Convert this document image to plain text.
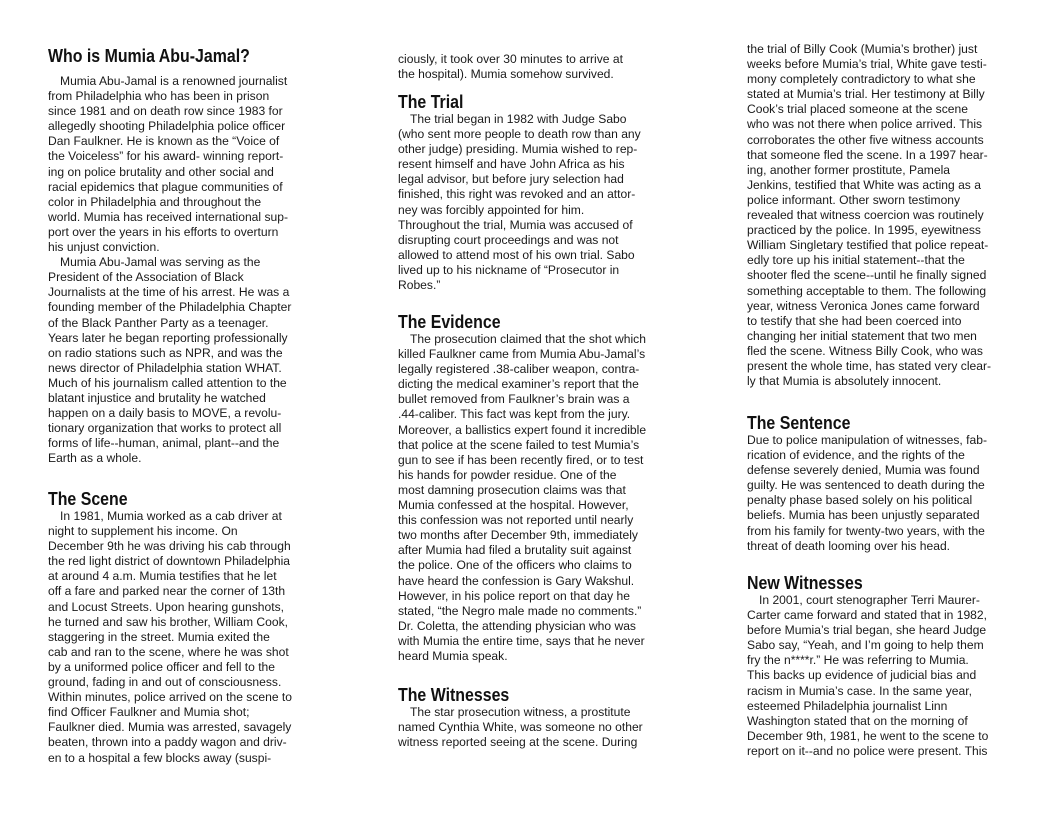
Who is Mumia Abu-Jamal?
Mumia Abu-Jamal is a renowned journalist
from Philadelphia who has been in prison
since 1981 and on death row since 1983 for
allegedly shooting Philadelphia police officer
Dan Faulkner. He is known as the “Voice of
the Voiceless” for his award- winning report-
ing on police brutality and other social and
racial epidemics that plague communities of
color in Philadelphia and throughout the
world. Mumia has received international sup-
port over the years in his efforts to overturn
his unjust conviction.
Mumia Abu-Jamal was serving as the
President of the Association of Black
Journalists at the time of his arrest. He was a
founding member of the Philadelphia Chapter
of the Black Panther Party as a teenager.
Years later he began reporting professionally
on radio stations such as NPR, and was the
news director of Philadelphia station WHAT.
Much of his journalism called attention to the
blatant injustice and brutality he watched
happen on a daily basis to MOVE, a revolu-
tionary organization that works to protect all
forms of life--human, animal, plant--and the
Earth as a whole.
The Scene
In 1981, Mumia worked as a cab driver at
night to supplement his income. On
December 9th he was driving his cab through
the red light district of downtown Philadelphia
at around 4 a.m. Mumia testifies that he let
off a fare and parked near the corner of 13th
and Locust Streets. Upon hearing gunshots,
he turned and saw his brother, William Cook,
staggering in the street. Mumia exited the
cab and ran to the scene, where he was shot
by a uniformed police officer and fell to the
ground, fading in and out of consciousness.
Within minutes, police arrived on the scene to
find Officer Faulkner and Mumia shot;
Faulkner died. Mumia was arrested, savagely
beaten, thrown into a paddy wagon and driv-
en to a hospital a few blocks away (suspi-
ciously, it took over 30 minutes to arrive at
the hospital). Mumia somehow survived.
The Trial
The trial began in 1982 with Judge Sabo
(who sent more people to death row than any
other judge) presiding. Mumia wished to rep-
resent himself and have John Africa as his
legal advisor, but before jury selection had
finished, this right was revoked and an attor-
ney was forcibly appointed for him.
Throughout the trial, Mumia was accused of
disrupting court proceedings and was not
allowed to attend most of his own trial. Sabo
lived up to his nickname of “Prosecutor in
Robes.”
The Evidence
The prosecution claimed that the shot which
killed Faulkner came from Mumia Abu-Jamal’s
legally registered .38-caliber weapon, contra-
dicting the medical examiner’s report that the
bullet removed from Faulkner’s brain was a
.44-caliber. This fact was kept from the jury.
Moreover, a ballistics expert found it incredible
that police at the scene failed to test Mumia’s
gun to see if has been recently fired, or to test
his hands for powder residue. One of the
most damning prosecution claims was that
Mumia confessed at the hospital. However,
this confession was not reported until nearly
two months after December 9th, immediately
after Mumia had filed a brutality suit against
the police. One of the officers who claims to
have heard the confession is Gary Wakshul.
However, in his police report on that day he
stated, “the Negro male made no comments.”
Dr. Coletta, the attending physician who was
with Mumia the entire time, says that he never
heard Mumia speak.
The Witnesses
The star prosecution witness, a prostitute
named Cynthia White, was someone no other
witness reported seeing at the scene. During
the trial of Billy Cook (Mumia’s brother) just
weeks before Mumia’s trial, White gave testi-
mony completely contradictory to what she
stated at Mumia’s trial. Her testimony at Billy
Cook’s trial placed someone at the scene
who was not there when police arrived. This
corroborates the other five witness accounts
that someone fled the scene. In a 1997 hear-
ing, another former prostitute, Pamela
Jenkins, testified that White was acting as a
police informant. Other sworn testimony
revealed that witness coercion was routinely
practiced by the police. In 1995, eyewitness
William Singletary testified that police repeat-
edly tore up his initial statement--that the
shooter fled the scene--until he finally signed
something acceptable to them. The following
year, witness Veronica Jones came forward
to testify that she had been coerced into
changing her initial statement that two men
fled the scene. Witness Billy Cook, who was
present the whole time, has stated very clear-
ly that Mumia is absolutely innocent.
The Sentence
Due to police manipulation of witnesses, fab-
rication of evidence, and the rights of the
defense severely denied, Mumia was found
guilty. He was sentenced to death during the
penalty phase based solely on his political
beliefs. Mumia has been unjustly separated
from his family for twenty-two years, with the
threat of death looming over his head.
New Witnesses
In 2001, court stenographer Terri Maurer-
Carter came forward and stated that in 1982,
before Mumia’s trial began, she heard Judge
Sabo say, “Yeah, and I’m going to help them
fry the n****r.” He was referring to Mumia.
This backs up evidence of judicial bias and
racism in Mumia’s case. In the same year,
esteemed Philadelphia journalist Linn
Washington stated that on the morning of
December 9th, 1981, he went to the scene to
report on it--and no police were present. This
